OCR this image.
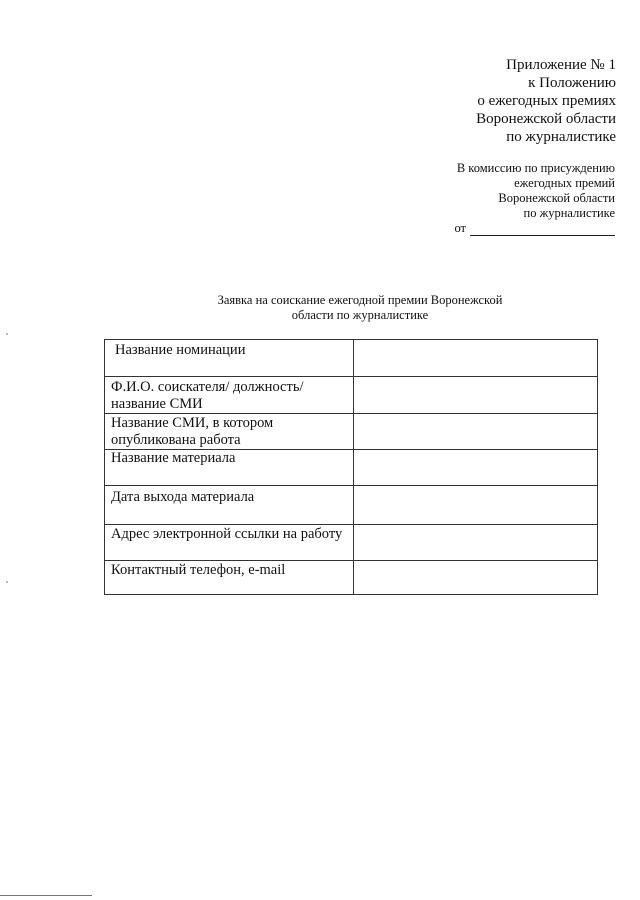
Приложение № 1
к Положению
о ежегодных премиях
Воронежской области
по журналистике
В комиссию по присуждению
ежегодных премий
Воронежской области
по журналистике
от
Заявка на соискание ежегодной премии Воронежской
области по журналистике
Название номинации	
Ф.И.О. соискателя/ должность/ название СМИ	
Название СМИ, в котором опубликована работа	
Название материала	
Дата выхода материала	
Адрес электронной ссылки на работу	
Контактный телефон, e-mail	
